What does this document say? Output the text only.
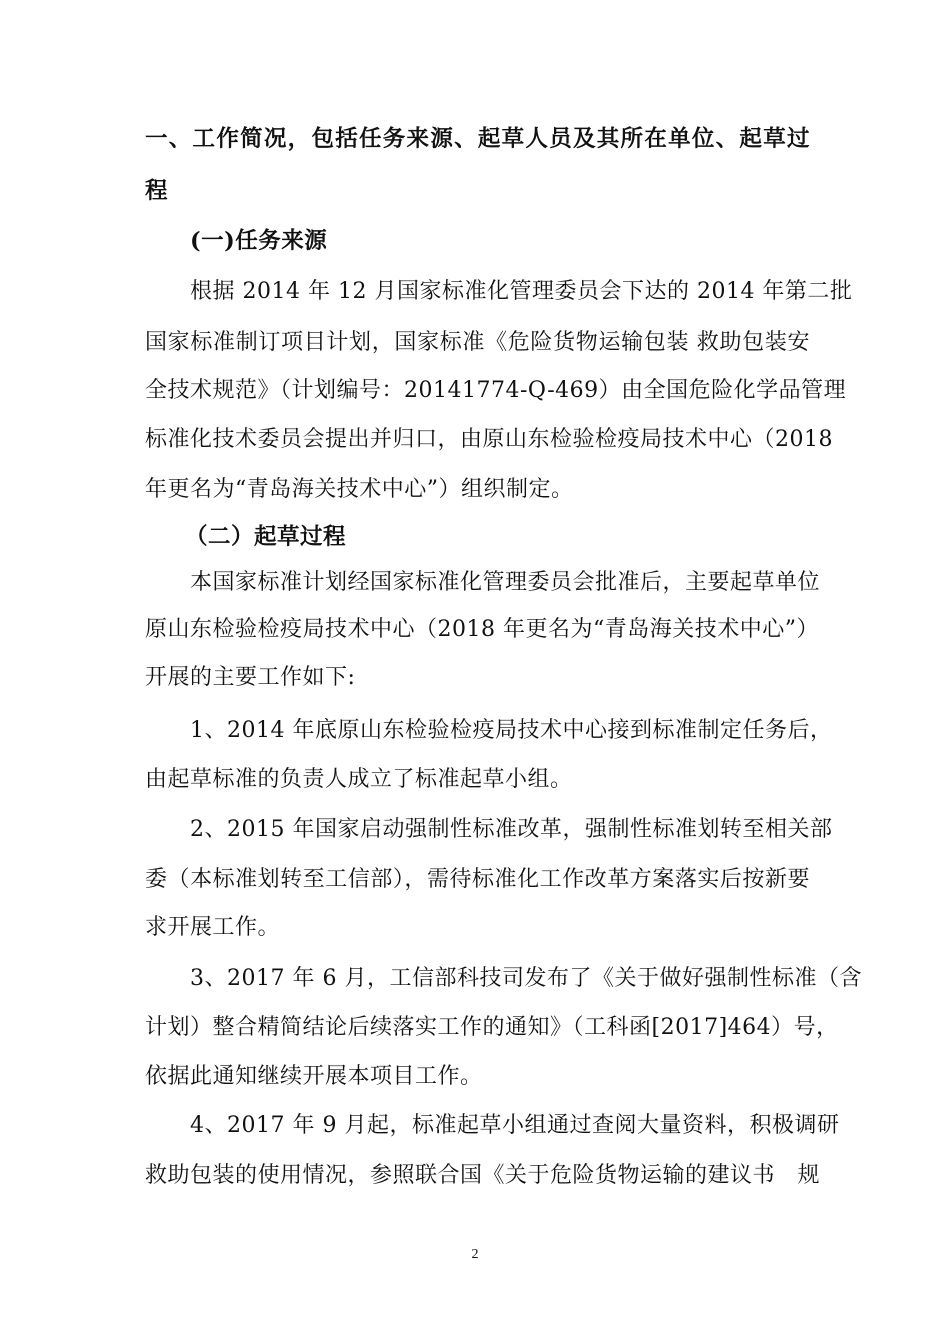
一、工作简况，包括任务来源、起草人员及其所在单位、起草过
程
(一)任务来源
根据 2014 年 12 月国家标准化管理委员会下达的 2014 年第二批
国家标准制订项目计划，国家标准《危险货物运输包装 救助包装安
全技术规范》（计划编号：20141774-Q-469）由全国危险化学品管理
标准化技术委员会提出并归口，由原山东检验检疫局技术中心（2018
年更名为“青岛海关技术中心”）组织制定。
（二）起草过程
本国家标准计划经国家标准化管理委员会批准后，主要起草单位
原山东检验检疫局技术中心（2018 年更名为“青岛海关技术中心”）
开展的主要工作如下:
1、2014 年底原山东检验检疫局技术中心接到标准制定任务后，
由起草标准的负责人成立了标准起草小组。
2、2015 年国家启动强制性标准改革，强制性标准划转至相关部
委（本标准划转至工信部），需待标准化工作改革方案落实后按新要
求开展工作。
3、2017 年 6 月，工信部科技司发布了《关于做好强制性标准（含
计划）整合精简结论后续落实工作的通知》（工科函[2017]464）号，
依据此通知继续开展本项目工作。
4、2017 年 9 月起，标准起草小组通过查阅大量资料，积极调研
救助包装的使用情况，参照联合国《关于危险货物运输的建议书　规
2
